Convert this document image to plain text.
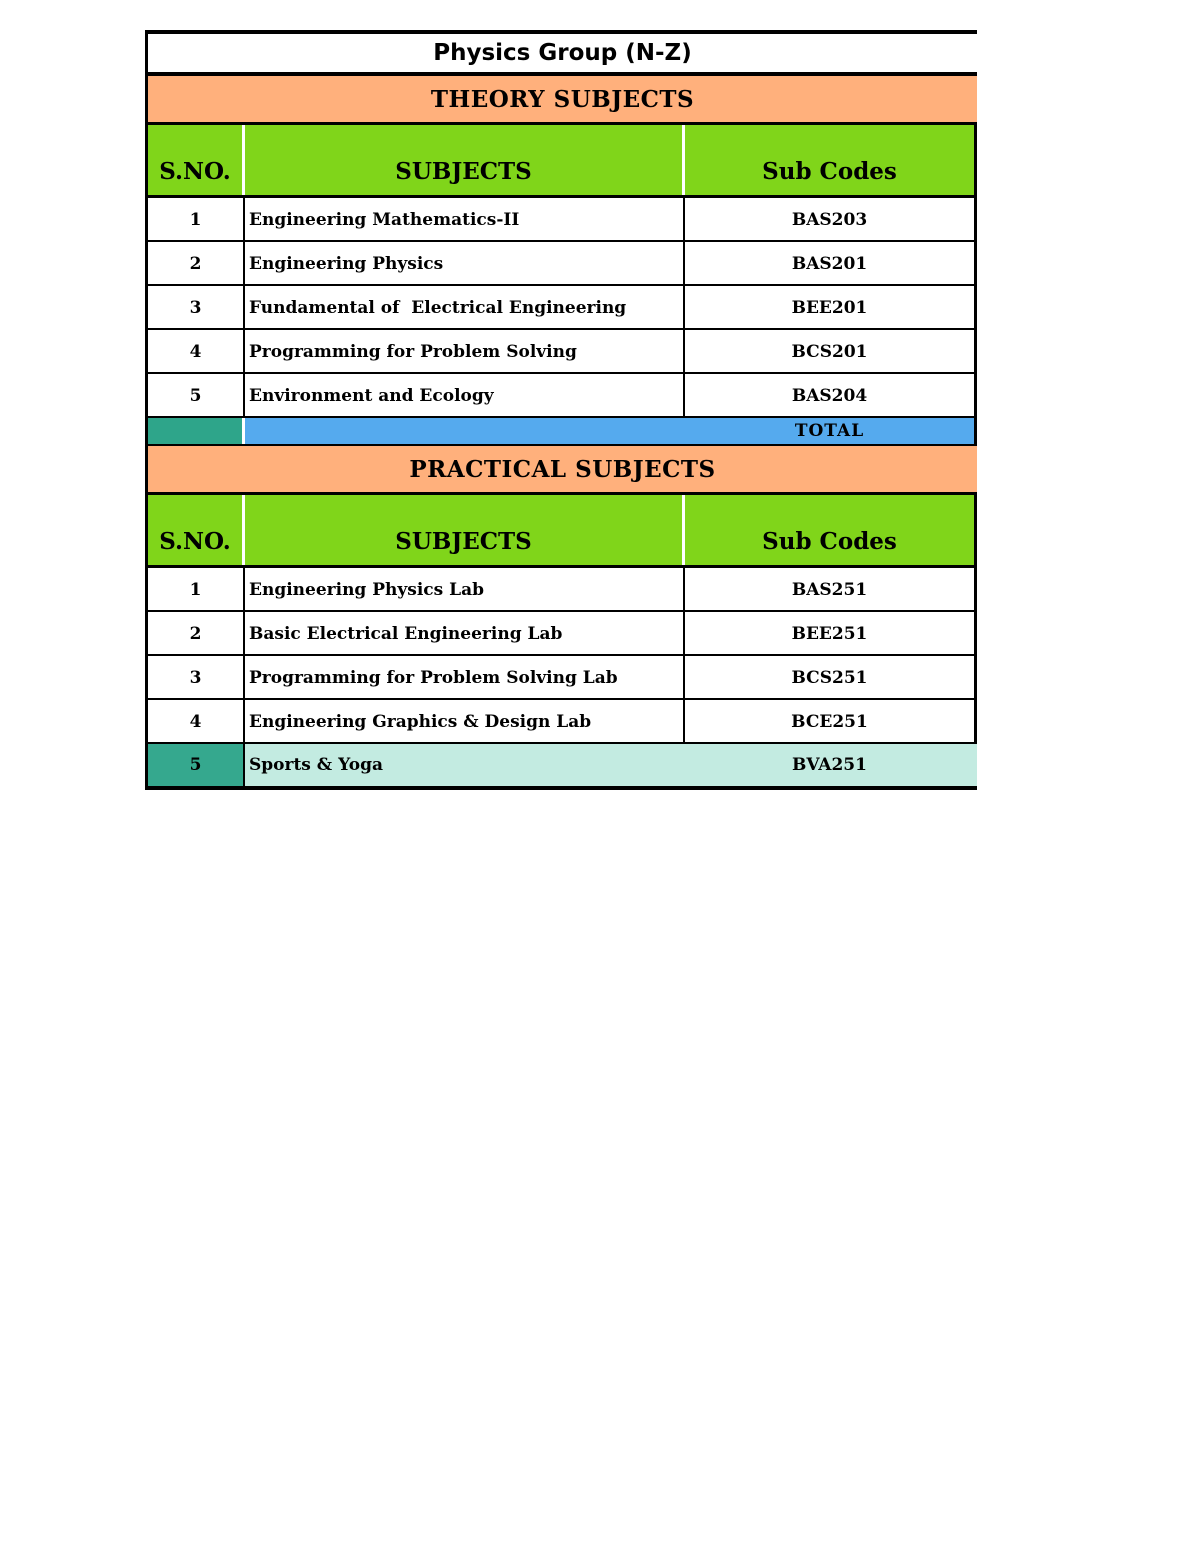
Physics Group (N-Z)
THEORY SUBJECTS
S.NO.	SUBJECTS	Sub Codes
1	Engineering Mathematics-II	BAS203
2	Engineering Physics	BAS201
3	Fundamental of  Electrical Engineering	BEE201
4	Programming for Problem Solving	BCS201
5	Environment and Ecology	BAS204
TOTAL
PRACTICAL SUBJECTS
S.NO.	SUBJECTS	Sub Codes
1	Engineering Physics Lab	BAS251
2	Basic Electrical Engineering Lab	BEE251
3	Programming for Problem Solving Lab	BCS251
4	Engineering Graphics & Design Lab	BCE251
5	Sports & Yoga	BVA251
